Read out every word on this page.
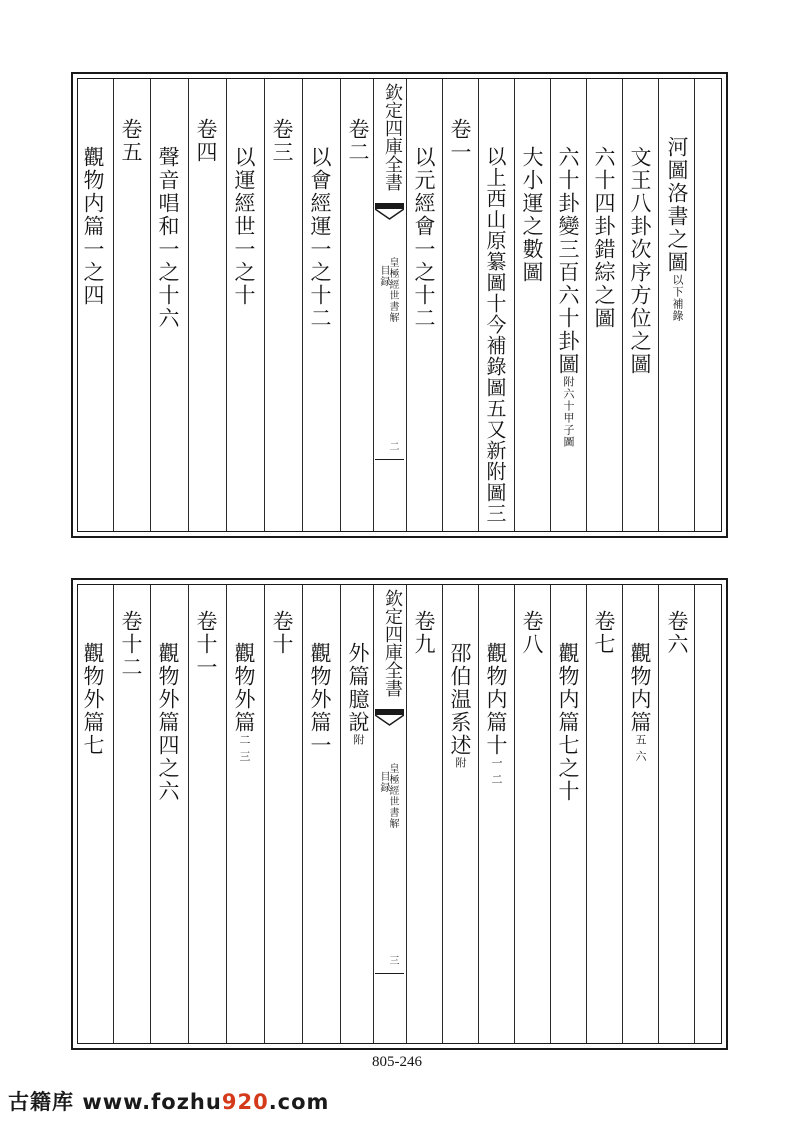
河圖洛書之圖以下補錄
文王八卦次序方位之圖
六十四卦錯綜之圖
六十卦變三百六十卦圖附六十甲子圖
大小運之數圖
以上西山原纂圖十今補錄圖五又新附圖三
卷一
以元經會一之十二
欽定四庫全書
皇極經世書解
目録
二
卷二
以會經運一之十二
卷三
以運經世一之十
卷四
聲音唱和一之十六
卷五
觀物内篇一之四
卷六
觀物内篇五 六
卷七
觀物内篇七之十
卷八
觀物内篇十一 二
邵伯温系述附
卷九
欽定四庫全書
皇極經世書解
目録
三
外篇臆說附
觀物外篇一
卷十
觀物外篇二 三
卷十一
觀物外篇四之六
卷十二
觀物外篇七
805-246
古籍库 www.fozhu920.com
